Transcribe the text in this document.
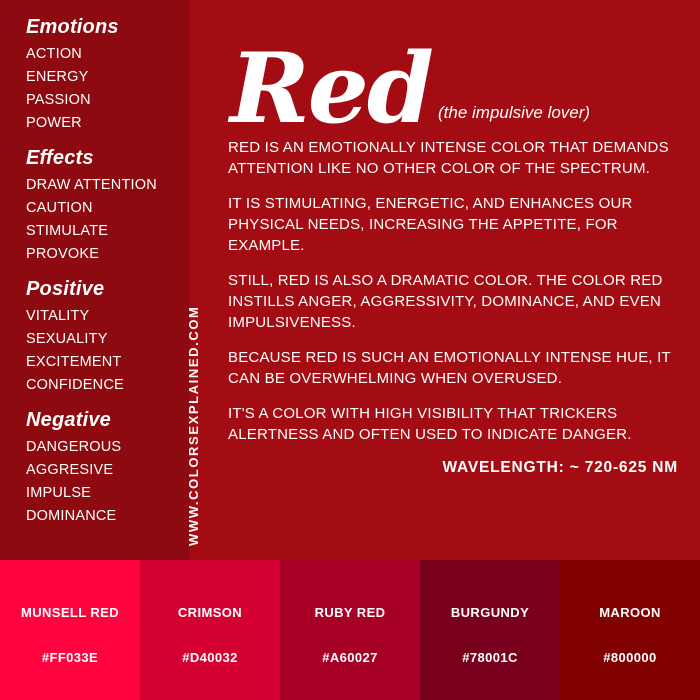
Emotions
ACTION
ENERGY
PASSION
POWER
Effects
DRAW ATTENTION
CAUTION
STIMULATE
PROVOKE
Positive
VITALITY
SEXUALITY
EXCITEMENT
CONFIDENCE
Negative
DANGEROUS
AGGRESIVE
IMPULSE
DOMINANCE	WWW.COLORSEXPLAINED.COM
Red (the impulsive lover)

RED IS AN EMOTIONALLY INTENSE COLOR THAT DEMANDS ATTENTION LIKE NO OTHER COLOR OF THE SPECTRUM.

IT IS STIMULATING, ENERGETIC, AND ENHANCES OUR PHYSICAL NEEDS, INCREASING THE APPETITE, FOR EXAMPLE.

STILL, RED IS ALSO A DRAMATIC COLOR. THE COLOR RED INSTILLS ANGER, AGGRESSIVITY, DOMINANCE, AND EVEN IMPULSIVENESS.

BECAUSE RED IS SUCH AN EMOTIONALLY INTENSE HUE, IT CAN BE OVERWHELMING WHEN OVERUSED.

IT'S A COLOR WITH HIGH VISIBILITY THAT TRICKERS ALERTNESS AND OFTEN USED TO INDICATE DANGER.

WAVELENGTH: ~ 720-625 NM
MUNSELL RED
#FF033E
CRIMSON
#D40032
RUBY RED
#A60027
BURGUNDY
#78001C
MAROON
#800000
